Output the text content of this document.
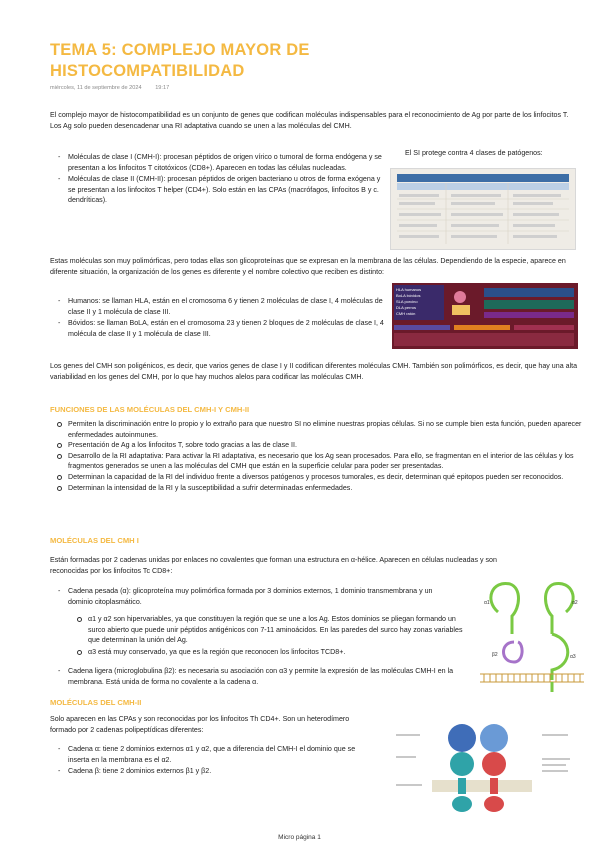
TEMA 5: COMPLEJO MAYOR DE HISTOCOMPATIBILIDAD
miércoles, 11 de septiembre de 2024 19:17
El complejo mayor de histocompatibilidad es un conjunto de genes que codifican moléculas indispensables para el reconocimiento de Ag por parte de los linfocitos T. Los Ag solo pueden desencadenar una RI adaptativa cuando se unen a las moléculas del CMH.
- Moléculas de clase I (CMH-I): procesan péptidos de origen vírico o tumoral de forma endógena y se presentan a los linfocitos T citotóxicos (CD8+). Aparecen en todas las células nucleadas.
- Moléculas de clase II (CMH-II): procesan péptidos de origen bacteriano u otros de forma exógena y se presentan a los linfocitos T helper (CD4+). Solo están en las CPAs (macrófagos, linfocitos B y c. dendríticas).
El SI protege contra 4 clases de patógenos:
Estas moléculas son muy polimórficas, pero todas ellas son glicoproteínas que se expresan en la membrana de las células. Dependiendo de la especie, aparece en diferente situación, la organización de los genes es diferente y el nombre colectivo que reciben es distinto:
- Humanos: se llaman HLA, están en el cromosoma 6 y tienen 2 moléculas de clase I, 4 moléculas de clase II y 1 molécula de clase III.
- Bóvidos: se llaman BoLA, están en el cromosoma 23 y tienen 2 bloques de 2 moléculas de clase I, 4 molécula de clase II y 1 molécula de clase III.
HLA humanos
BoLA bóvidos
SLA porcino
DLA perros
CMH ratón
Los genes del CMH son poligénicos, es decir, que varios genes de clase I y II codifican diferentes moléculas CMH. También son polimórficos, es decir, que hay una alta variabilidad en los genes del CMH, por lo que hay muchos alelos para codificar las moléculas CMH.
FUNCIONES DE LAS MOLÉCULAS DEL CMH-I Y CMH-II
Permiten la discriminación entre lo propio y lo extraño para que nuestro SI no elimine nuestras propias células. Si no se cumple bien esta función, pueden aparecer enfermedades autoinmunes.
Presentación de Ag a los linfocitos T, sobre todo gracias a las de clase II.
Desarrollo de la RI adaptativa: Para activar la RI adaptativa, es necesario que los Ag sean procesados. Para ello, se fragmentan en el interior de las células y los fragmentos generados se unen a las moléculas del CMH que están en la superficie celular para poder ser presentadas.
Determinan la capacidad de la RI del individuo frente a diversos patógenos y procesos tumorales, es decir, determinan qué epitopos pueden ser reconocidos.
Determinan la intensidad de la RI y la susceptibilidad a sufrir determinadas enfermedades.
MOLÉCULAS DEL CMH I
Están formadas por 2 cadenas unidas por enlaces no covalentes que forman una estructura en α-hélice. Aparecen en células nucleadas y son reconocidas por los linfocitos Tc CD8+:
- Cadena pesada (α): glicoproteína muy polimórfica formada por 3 dominios externos, 1 dominio transmembrana y un dominio citoplasmático.
α1 y α2 son hipervariables, ya que constituyen la región que se une a los Ag. Estos dominios se pliegan formando un surco abierto que puede unir péptidos antigénicos con 7-11 aminoácidos. En las paredes del surco hay zonas variables que determinan la unión del Ag.
α3 está muy conservado, ya que es la región que reconocen los linfocitos TCD8+.
- Cadena ligera (microglobulina β2): es necesaria su asociación con α3 y permite la expresión de las moléculas CMH-I en la membrana. Está unida de forma no covalente a la cadena α.
α1	α2
α3
β2
MOLÉCULAS DEL CMH-II
Solo aparecen en las CPAs y son reconocidas por los linfocitos Th CD4+. Son un heterodímero formado por 2 cadenas polipeptídicas diferentes:
- Cadena α: tiene 2 dominios externos α1 y α2, que a diferencia del CMH-I el dominio que se inserta en la membrana es el α2.
- Cadena β: tiene 2 dominios externos β1 y β2.
Micro página 1
